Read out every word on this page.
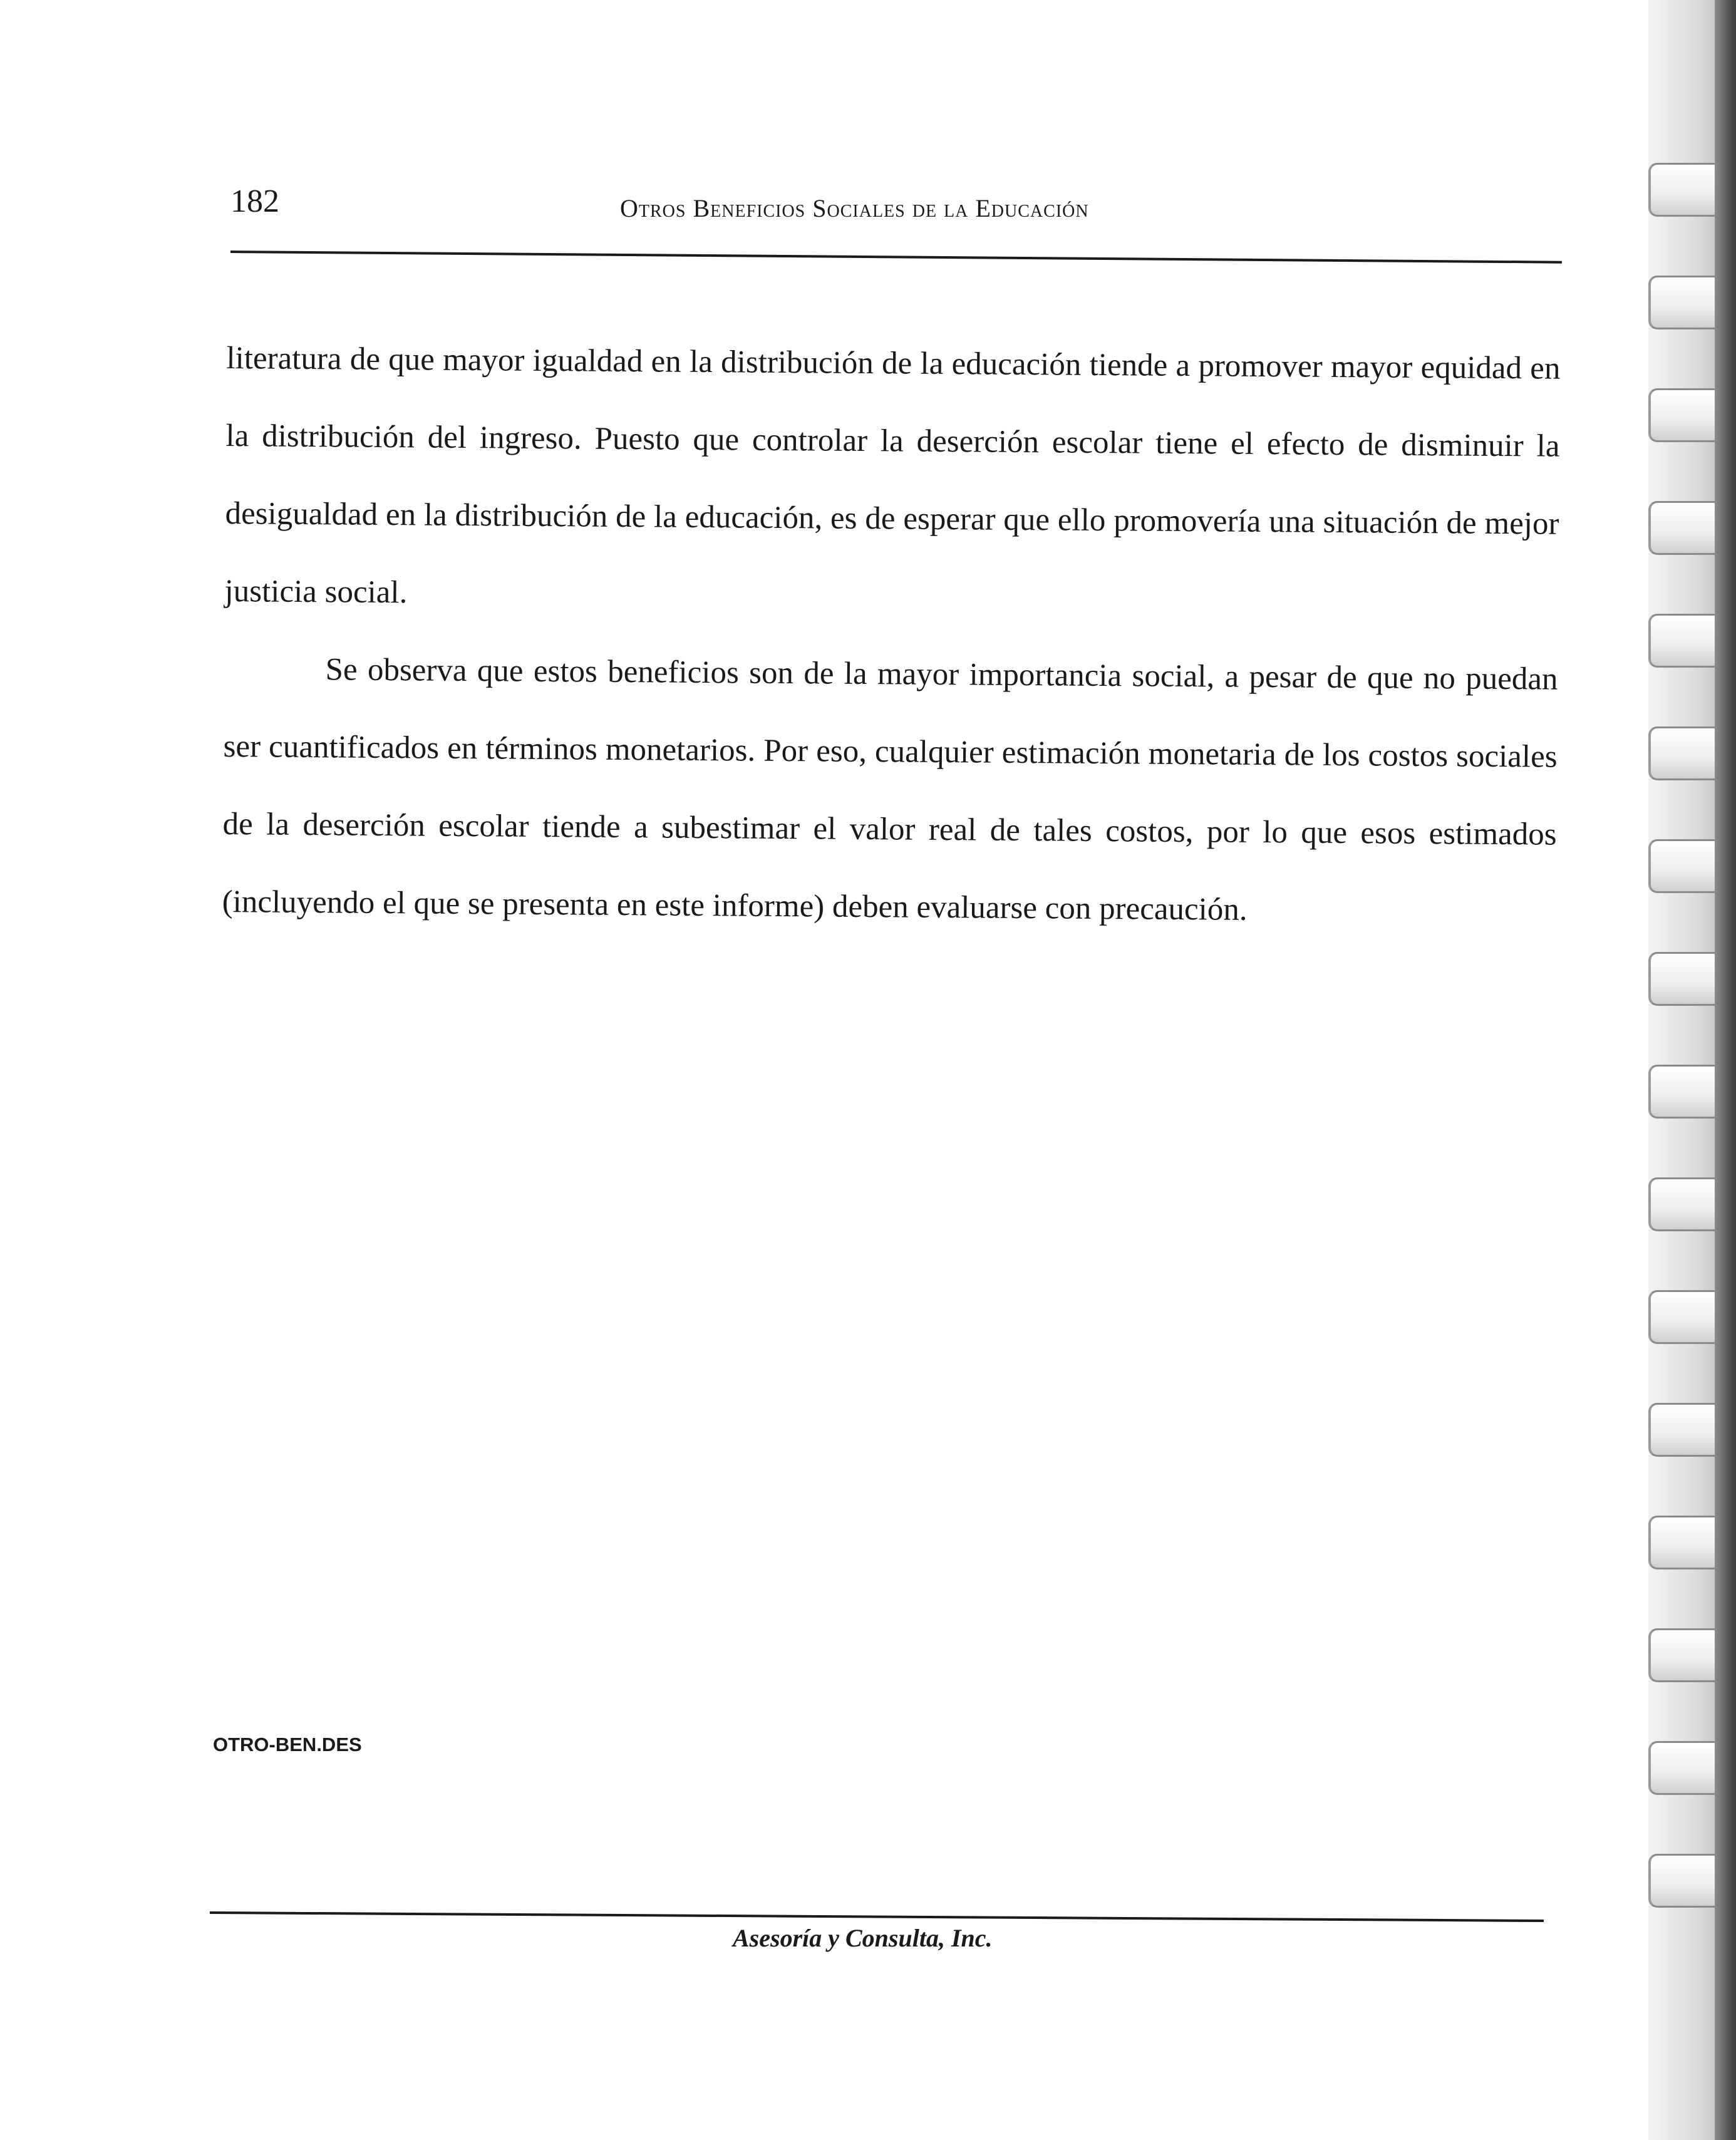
182	Otros Beneficios Sociales de la Educación

literatura de que mayor igualdad en la distribución de la educación tiende a promover mayor equidad en la distribución del ingreso. Puesto que controlar la deserción escolar tiene el efecto de disminuir la desigualdad en la distribución de la educación, es de esperar que ello promovería una situación de mejor justicia social.

Se observa que estos beneficios son de la mayor importancia social, a pesar de que no puedan ser cuantificados en términos monetarios. Por eso, cualquier estimación monetaria de los costos sociales de la deserción escolar tiende a subestimar el valor real de tales costos, por lo que esos estimados (incluyendo el que se presenta en este informe) deben evaluarse con precaución.

OTRO-BEN.DES
Asesoría y Consulta, Inc.
